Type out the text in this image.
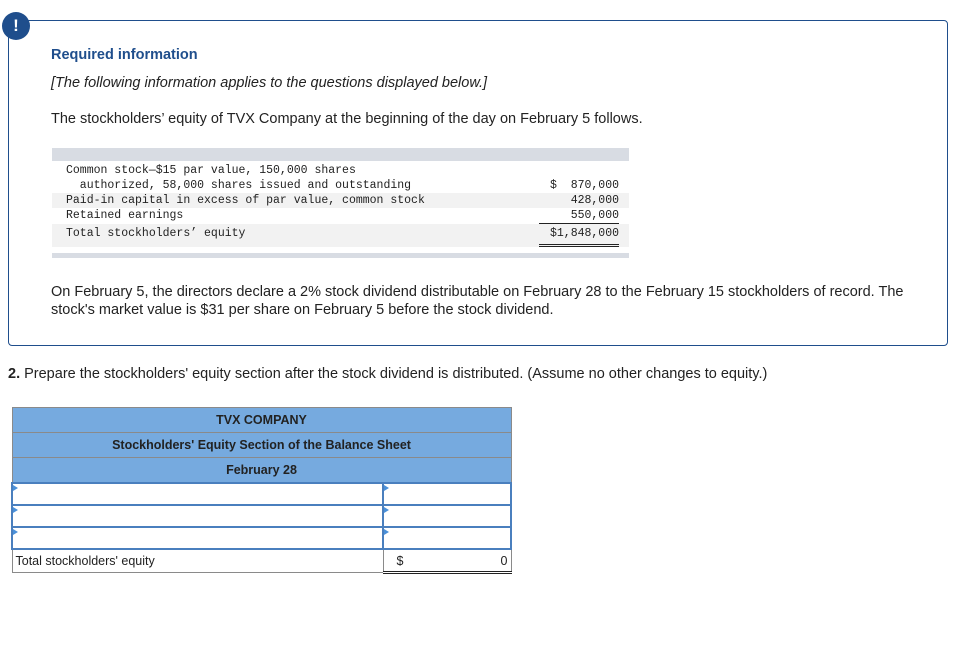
!
Required information
[The following information applies to the questions displayed below.]
The stockholders’ equity of TVX Company at the beginning of the day on February 5 follows.
Common stock—$15 par value, 150,000 shares
authorized, 58,000 shares issued and outstanding	$  870,000
Paid-in capital in excess of par value, common stock	428,000
Retained earnings	550,000
Total stockholders’ equity	$1,848,000
On February 5, the directors declare a 2% stock dividend distributable on February 28 to the February 15 stockholders of record. The stock's market value is $31 per share on February 5 before the stock dividend.
2. Prepare the stockholders' equity section after the stock dividend is distributed. (Assume no other changes to equity.)
TVX COMPANY	
Stockholders' Equity Section of the Balance Sheet	
February 28	

Total stockholders' equity	$ 0
